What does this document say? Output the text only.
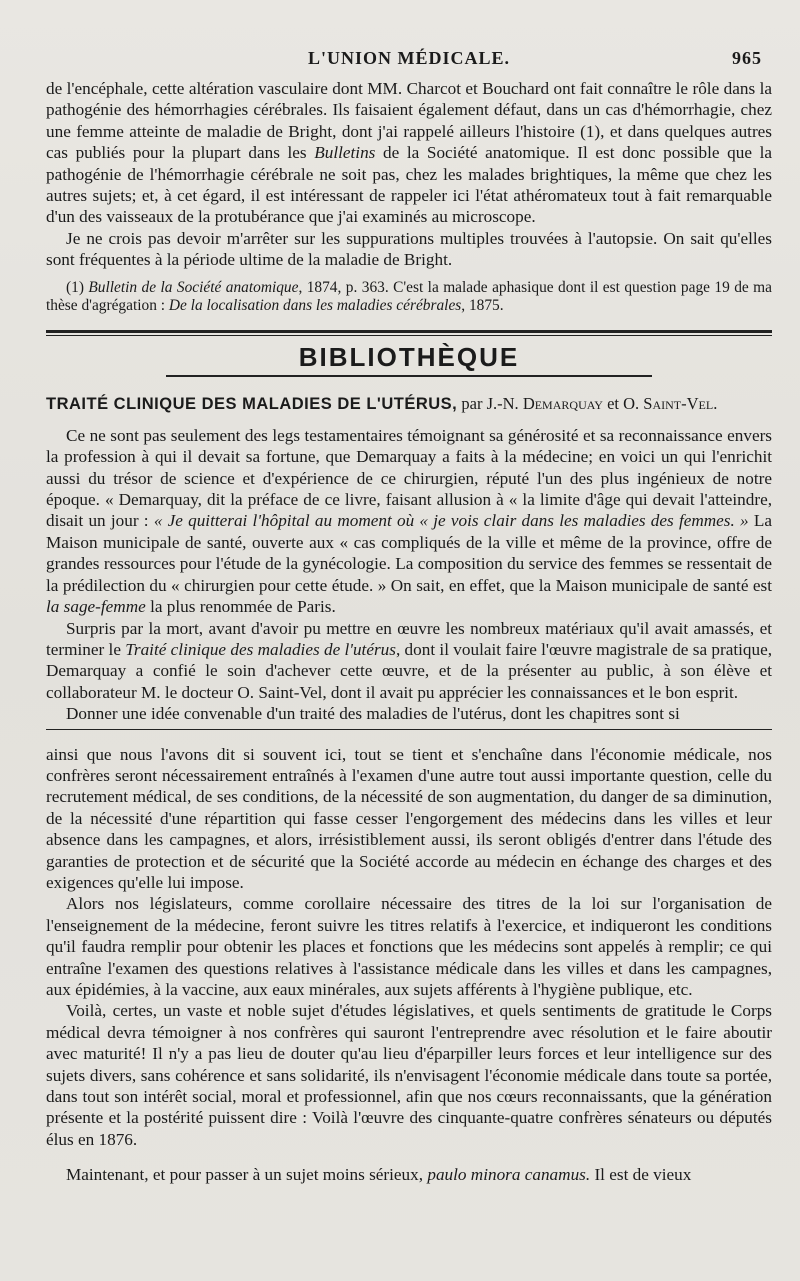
L'UNION MÉDICALE.	965

de l'encéphale, cette altération vasculaire dont MM. Charcot et Bouchard ont fait connaître le rôle dans la pathogénie des hémorrhagies cérébrales. Ils faisaient également défaut, dans un cas d'hémorrhagie, chez une femme atteinte de maladie de Bright, dont j'ai rappelé ailleurs l'histoire (1), et dans quelques autres cas publiés pour la plupart dans les Bulletins de la Société anatomique. Il est donc possible que la pathogénie de l'hémorrhagie cérébrale ne soit pas, chez les malades brightiques, la même que chez les autres sujets; et, à cet égard, il est intéressant de rappeler ici l'état athéromateux tout à fait remarquable d'un des vaisseaux de la protubérance que j'ai examinés au microscope.

Je ne crois pas devoir m'arrêter sur les suppurations multiples trouvées à l'autopsie. On sait qu'elles sont fréquentes à la période ultime de la maladie de Bright.

(1) Bulletin de la Société anatomique, 1874, p. 363. C'est la malade aphasique dont il est question page 19 de ma thèse d'agrégation : De la localisation dans les maladies cérébrales, 1875.

BIBLIOTHÈQUE
TRAITÉ CLINIQUE DES MALADIES DE L'UTÉRUS, par J.-N. Demarquay et O. Saint-Vel.

Ce ne sont pas seulement des legs testamentaires témoignant sa générosité et sa reconnaissance envers la profession à qui il devait sa fortune, que Demarquay a faits à la médecine; en voici un qui l'enrichit aussi du trésor de science et d'expérience de ce chirurgien, réputé l'un des plus ingénieux de notre époque. « Demarquay, dit la préface de ce livre, faisant allusion à « la limite d'âge qui devait l'atteindre, disait un jour : « Je quitterai l'hôpital au moment où « je vois clair dans les maladies des femmes. » La Maison municipale de santé, ouverte aux « cas compliqués de la ville et même de la province, offre de grandes ressources pour l'étude de la gynécologie. La composition du service des femmes se ressentait de la prédilection du « chirurgien pour cette étude. » On sait, en effet, que la Maison municipale de santé est la sage-femme la plus renommée de Paris.

Surpris par la mort, avant d'avoir pu mettre en œuvre les nombreux matériaux qu'il avait amassés, et terminer le Traité clinique des maladies de l'utérus, dont il voulait faire l'œuvre magistrale de sa pratique, Demarquay a confié le soin d'achever cette œuvre, et de la présenter au public, à son élève et collaborateur M. le docteur O. Saint-Vel, dont il avait pu apprécier les connaissances et le bon esprit.

Donner une idée convenable d'un traité des maladies de l'utérus, dont les chapitres sont si

ainsi que nous l'avons dit si souvent ici, tout se tient et s'enchaîne dans l'économie médicale, nos confrères seront nécessairement entraînés à l'examen d'une autre tout aussi importante question, celle du recrutement médical, de ses conditions, de la nécessité de son augmentation, du danger de sa diminution, de la nécessité d'une répartition qui fasse cesser l'engorgement des médecins dans les villes et leur absence dans les campagnes, et alors, irrésistiblement aussi, ils seront obligés d'entrer dans l'étude des garanties de protection et de sécurité que la Société accorde au médecin en échange des charges et des exigences qu'elle lui impose.

Alors nos législateurs, comme corollaire nécessaire des titres de la loi sur l'organisation de l'enseignement de la médecine, feront suivre les titres relatifs à l'exercice, et indiqueront les conditions qu'il faudra remplir pour obtenir les places et fonctions que les médecins sont appelés à remplir; ce qui entraîne l'examen des questions relatives à l'assistance médicale dans les villes et dans les campagnes, aux épidémies, à la vaccine, aux eaux minérales, aux sujets afférents à l'hygiène publique, etc.

Voilà, certes, un vaste et noble sujet d'études législatives, et quels sentiments de gratitude le Corps médical devra témoigner à nos confrères qui sauront l'entreprendre avec résolution et le faire aboutir avec maturité! Il n'y a pas lieu de douter qu'au lieu d'éparpiller leurs forces et leur intelligence sur des sujets divers, sans cohérence et sans solidarité, ils n'envisagent l'économie médicale dans toute sa portée, dans tout son intérêt social, moral et professionnel, afin que nos cœurs reconnaissants, que la génération présente et la postérité puissent dire : Voilà l'œuvre des cinquante-quatre confrères sénateurs ou députés élus en 1876.

Maintenant, et pour passer à un sujet moins sérieux, paulo minora canamus. Il est de vieux
